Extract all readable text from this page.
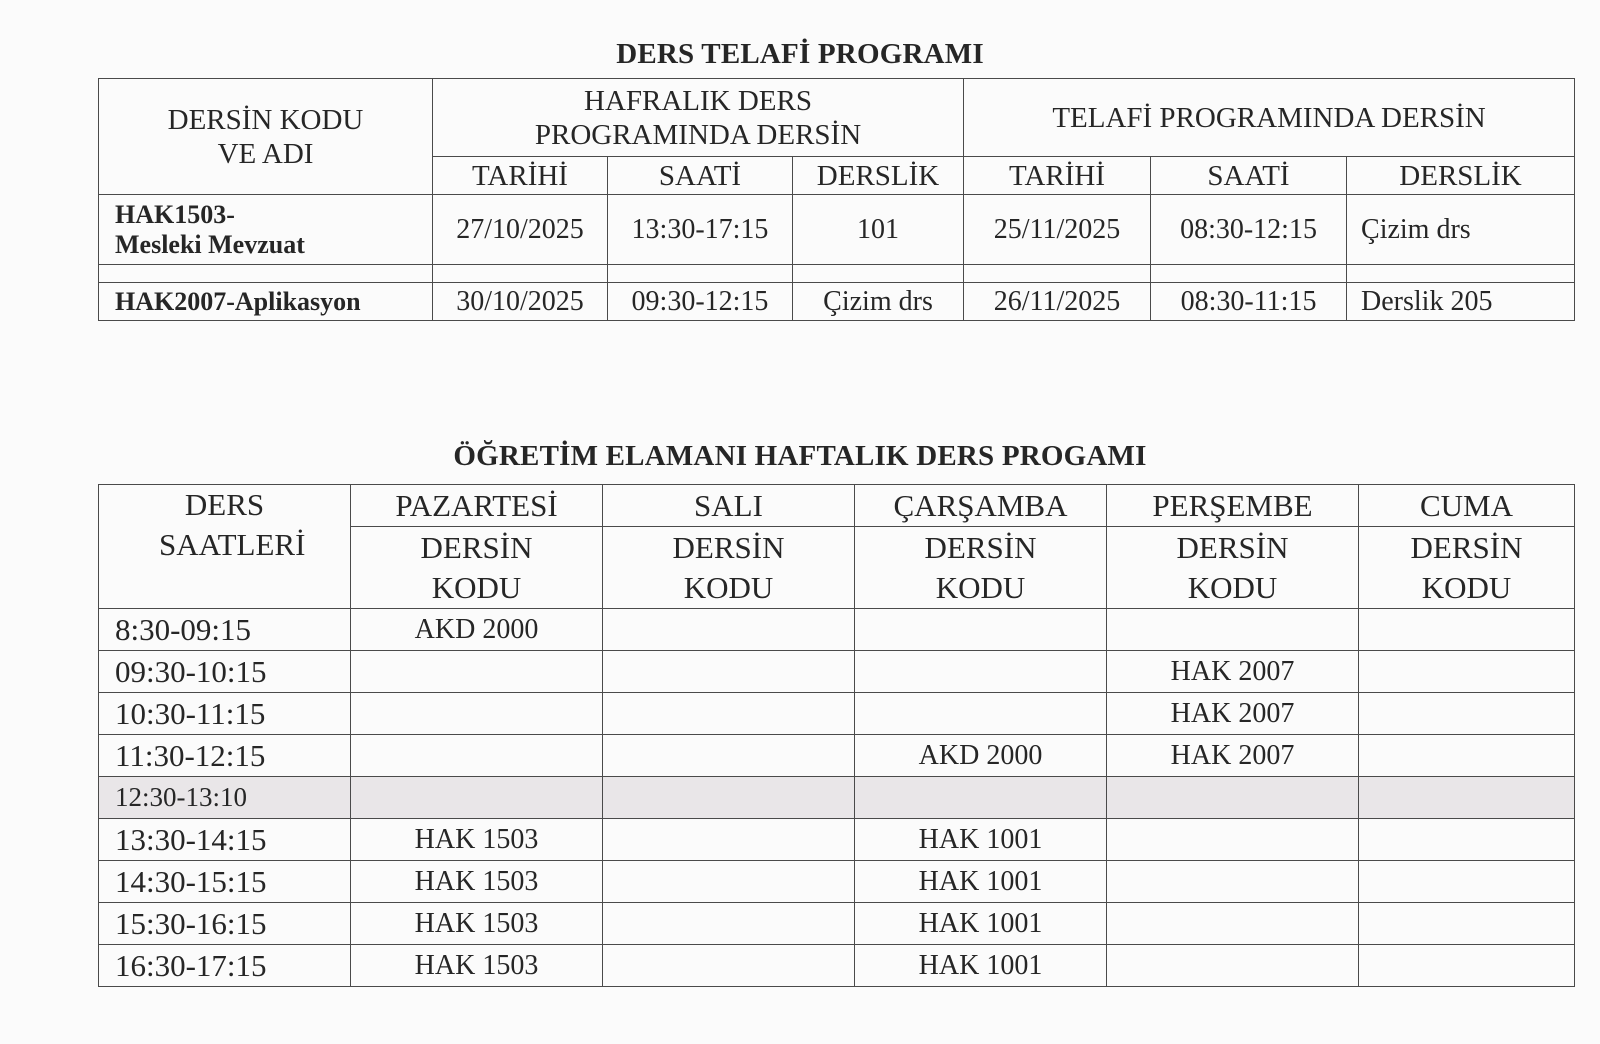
DERS TELAFİ PROGRAMI
DERSİN KODU VE ADI	HAFRALIK DERS PROGRAMINDA DERSİN			TELAFİ PROGRAMINDA DERSİN		
	TARİHİ	SAATİ	DERSLİK	TARİHİ	SAATİ	DERSLİK

HAK1503-
Mesleki Mevzuat	27/10/2025	13:30-17:15	101	25/11/2025	08:30-12:15	Çizim drs

HAK2007-Aplikasyon	30/10/2025	09:30-12:15	Çizim drs	26/11/2025	08:30-11:15	Derslik 205
ÖĞRETİM ELAMANI HAFTALIK DERS PROGAMI
DERS SAATLERİ	PAZARTESİ	SALI	ÇARŞAMBA	PERŞEMBE	CUMA
	DERSİN KODU	DERSİN KODU	DERSİN KODU	DERSİN KODU	DERSİN KODU
8:30-09:15	AKD 2000				
09:30-10:15				HAK 2007	
10:30-11:15				HAK 2007	
11:30-12:15			AKD 2000	HAK 2007	
12:30-13:10					
13:30-14:15	HAK 1503		HAK 1001		
14:30-15:15	HAK 1503		HAK 1001		
15:30-16:15	HAK 1503		HAK 1001		
16:30-17:15	HAK 1503		HAK 1001		
